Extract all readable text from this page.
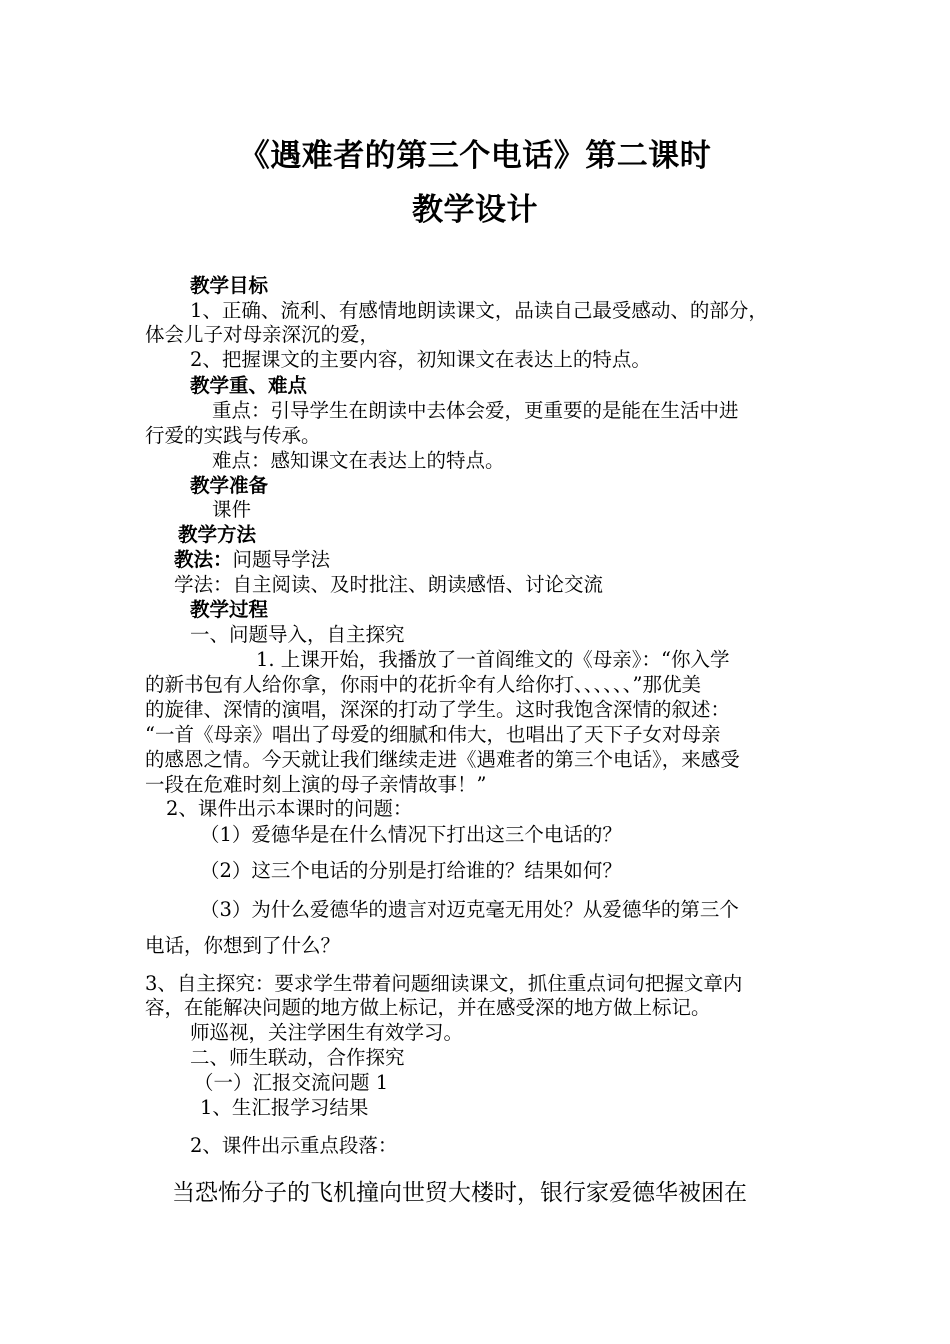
《遇难者的第三个电话》第二课时
教学设计
教学目标
1、正确、流利、有感情地朗读课文，品读自己最受感动、的部分，
体会儿子对母亲深沉的爱，
2、把握课文的主要内容，初知课文在表达上的特点。
教学重、难点
重点：引导学生在朗读中去体会爱，更重要的是能在生活中进
行爱的实践与传承。
难点：感知课文在表达上的特点。
教学准备
课件
教学方法
教法：问题导学法
学法：自主阅读、及时批注、朗读感悟、讨论交流
教学过程
一、问题导入，自主探究
1. 上课开始，我播放了一首阎维文的《母亲》：“你入学
的新书包有人给你拿，你雨中的花折伞有人给你打、、、、、、”那优美
的旋律、深情的演唱，深深的打动了学生。这时我饱含深情的叙述：
“一首《母亲》唱出了母爱的细腻和伟大，也唱出了天下子女对母亲
的感恩之情。今天就让我们继续走进《遇难者的第三个电话》，来感受
一段在危难时刻上演的母子亲情故事！”
2、课件出示本课时的问题：
（1）爱德华是在什么情况下打出这三个电话的？
（2）这三个电话的分别是打给谁的？结果如何？
（3）为什么爱德华的遗言对迈克毫无用处？从爱德华的第三个
电话，你想到了什么？
3、自主探究：要求学生带着问题细读课文，抓住重点词句把握文章内
容，在能解决问题的地方做上标记，并在感受深的地方做上标记。
师巡视，关注学困生有效学习。
二、师生联动，合作探究
（一）汇报交流问题 1
1、生汇报学习结果
2、课件出示重点段落：
当恐怖分子的飞机撞向世贸大楼时，银行家爱德华被困在
